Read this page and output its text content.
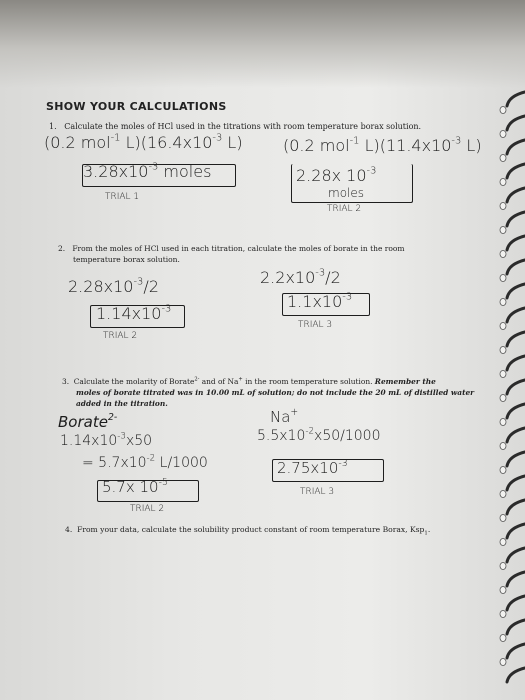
SHOW YOUR CALCULATIONS
1. Calculate the moles of HCl used in the titrations with room temperature borax solution.
2. From the moles of HCl used in each titration, calculate the moles of borate in the room
temperature borax solution.
3. Calculate the molarity of Borate$^{2-}$ and of Na+ in the room temperature solution. Remember the
moles of borate titrated was in 10.00 mL of solution; do not include the 20 mL of distilled water
added in the titration.
4. From your data, calculate the solubility product constant of room temperature Borax, Ksp$_1$.
(0.2 mol$^{-1}$ $L)(16.4x10^{-3}$ L)
$3.28x10^{-3}$ moles
TRIAL 1
(0.2 mol$^{-1}$ $L)(11.4x10^{-3}$ L)
2.28x $10^{-3}$
moles
TRIAL 2
$2.28x10^{-3}/2$
$1.14x10^{-3}$
TRIAL 2
$2.2x10^{-3}/2$
$1.1x10^{-3}$
TRIAL 3
Borate$^{2-}$
$1.14x10^{-3}x50$
= $5.7x10^{-2}$ L/1000
5.7x $10^{-5}$
TRIAL 2
Na+
$5.5x10^{-2}x50/1000$
$2.75x10^{-3}$
TRIAL 3
